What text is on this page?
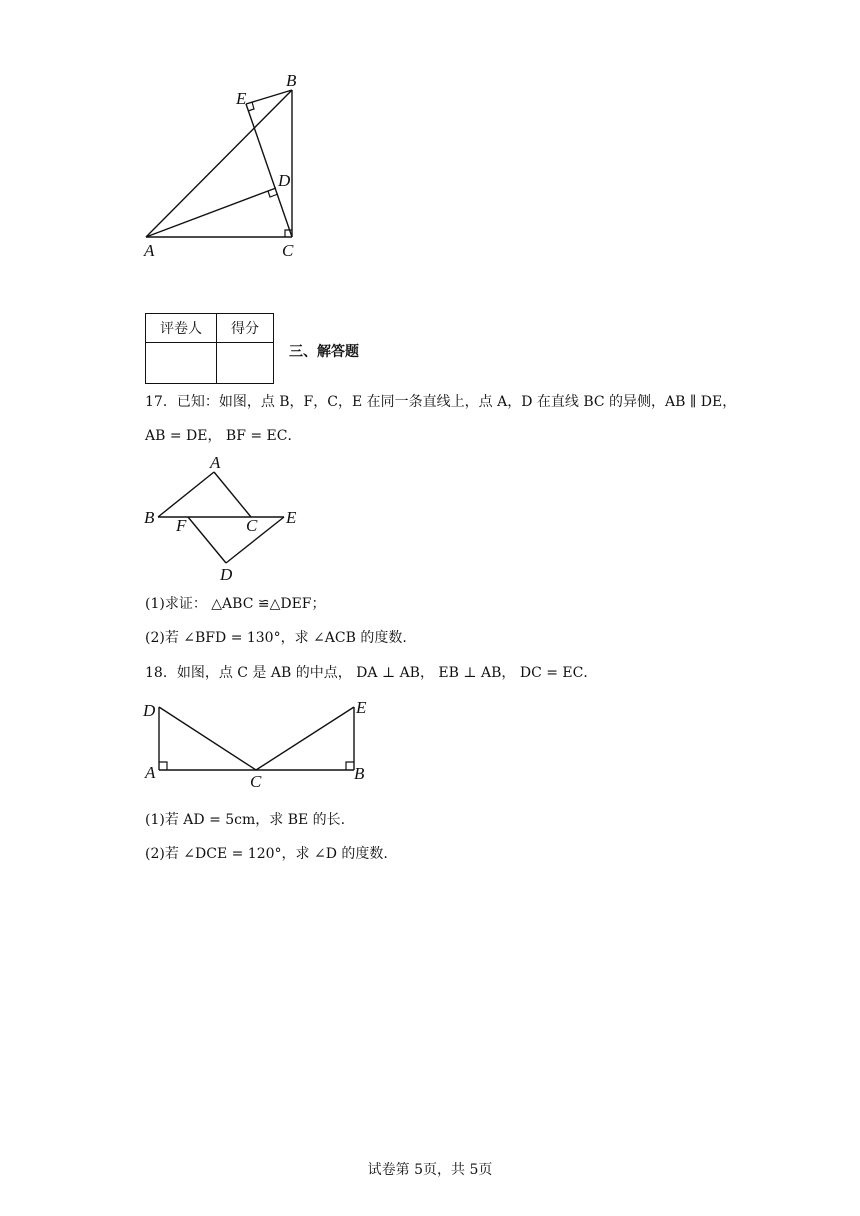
A
B
C
D
E
评卷人	得分

三、解答题
17．已知：如图，点 B，F，C，E 在同一条直线上，点 A，D 在直线 BC 的异侧，AB ∥ DE，
AB = DE， BF = EC．
A
B F	C E
D
(1)求证： △ABC ≌△DEF；
(2)若 ∠BFD = 130°，求 ∠ACB 的度数.
18．如图，点 C 是 AB 的中点， DA ⊥ AB， EB ⊥ AB， DC = EC．
D	E
A	B
C
(1)若 AD = 5cm，求 BE 的长.
(2)若 ∠DCE = 120°，求 ∠D 的度数.
试卷第 5页，共 5页
